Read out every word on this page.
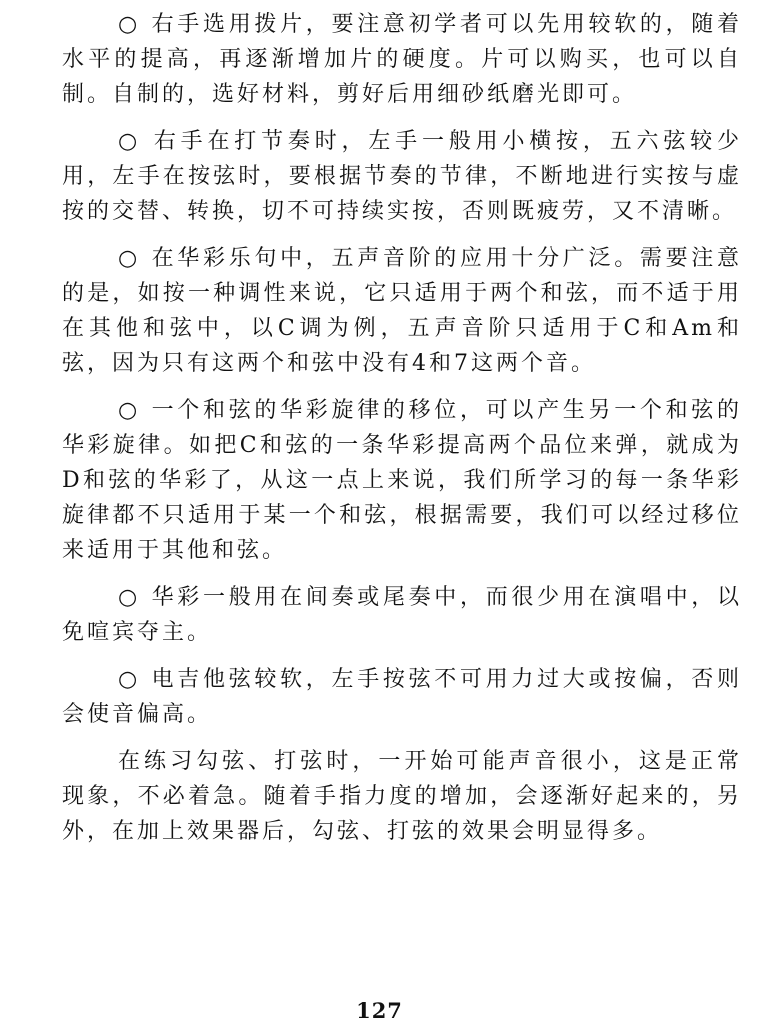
○ 右手选用拨片，要注意初学者可以先用较软的，随着水平的提高，再逐渐增加片的硬度。片可以购买，也可以自制。自制的，选好材料，剪好后用细砂纸磨光即可。

○ 右手在打节奏时，左手一般用小横按，五六弦较少用，左手在按弦时，要根据节奏的节律，不断地进行实按与虚按的交替、转换，切不可持续实按，否则既疲劳，又不清晰。

○ 在华彩乐句中，五声音阶的应用十分广泛。需要注意的是，如按一种调性来说，它只适用于两个和弦，而不适于用在其他和弦中，以C调为例，五声音阶只适用于C和Am和弦，因为只有这两个和弦中没有4和7这两个音。

○ 一个和弦的华彩旋律的移位，可以产生另一个和弦的华彩旋律。如把C和弦的一条华彩提高两个品位来弹，就成为D和弦的华彩了，从这一点上来说，我们所学习的每一条华彩旋律都不只适用于某一个和弦，根据需要，我们可以经过移位来适用于其他和弦。

○ 华彩一般用在间奏或尾奏中，而很少用在演唱中，以免喧宾夺主。

○ 电吉他弦较软，左手按弦不可用力过大或按偏，否则会使音偏高。

在练习勾弦、打弦时，一开始可能声音很小，这是正常现象，不必着急。随着手指力度的增加，会逐渐好起来的，另外，在加上效果器后，勾弦、打弦的效果会明显得多。

127
